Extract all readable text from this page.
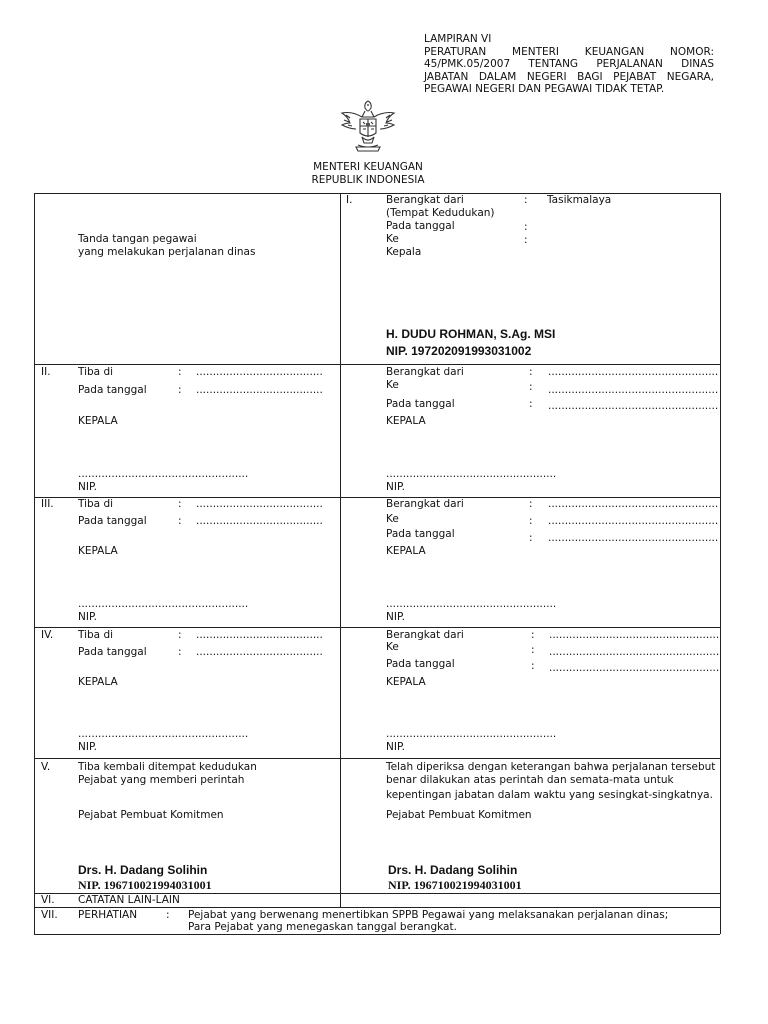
LAMPIRAN VI
PERATURAN MENTERI KEUANGAN NOMOR:
45/PMK.05/2007 TENTANG PERJALANAN DINAS
JABATAN DALAM NEGERI BAGI PEJABAT NEGARA,
PEGAWAI NEGERI DAN PEGAWAI TIDAK TETAP.
MENTERI KEUANGAN
REPUBLIK INDONESIA
Tanda tangan pegawai
yang melakukan perjalanan dinas
I.	Berangkat dari	: Tasikmalaya
(Tempat Kedudukan)
Pada tanggal	:
Ke	:
Kepala
H. DUDU ROHMAN, S.Ag. MSI
NIP. 197202091993031002
II.	Tiba di	: ......................................
Pada tanggal	: ......................................
KEPALA
...................................................
NIP.
Berangkat dari	: ...................................................
Ke	: ...................................................
Pada tanggal	: ...................................................
KEPALA
...................................................
NIP.
III. Tiba di	: ......................................
Pada tanggal	: ......................................
KEPALA
...................................................
NIP.
Berangkat dari	: ...................................................
Ke	: ...................................................
Pada tanggal	: ...................................................
KEPALA
...................................................
NIP.
IV. Tiba di	: ......................................
Pada tanggal	: ......................................
KEPALA
...................................................
NIP.
Berangkat dari	: ...................................................
Ke	: ...................................................
Pada tanggal	: ...................................................
KEPALA
...................................................
NIP.
V.	Tiba kembali ditempat kedudukan
Pejabat yang memberi perintah
Pejabat Pembuat Komitmen
Drs. H. Dadang Solihin
NIP. 196710021994031001
Telah diperiksa dengan keterangan bahwa perjalanan tersebut
benar dilakukan atas perintah dan semata-mata untuk
kepentingan jabatan dalam waktu yang sesingkat-singkatnya.
Pejabat Pembuat Komitmen
Drs. H. Dadang Solihin
NIP. 196710021994031001
VI. CATATAN LAIN-LAIN
VII. PERHATIAN	: Pejabat yang berwenang menertibkan SPPB Pegawai yang melaksanakan perjalanan dinas;
Para Pejabat yang menegaskan tanggal berangkat.
